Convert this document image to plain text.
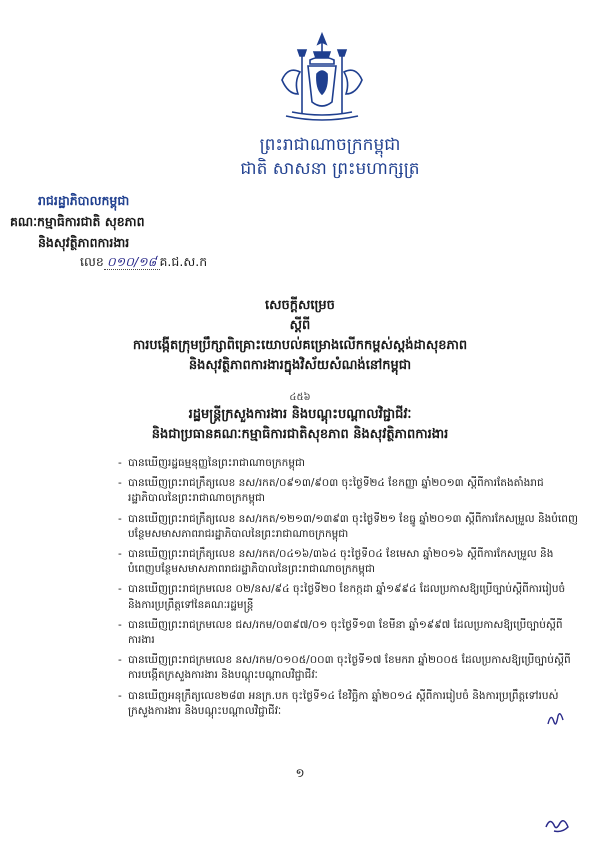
ព្រះរាជាណាចក្រកម្ពុជា
ជាតិ សាសនា ព្រះមហាក្សត្រ
រាជរដ្ឋាភិបាលកម្ពុជា
គណៈកម្មាធិការជាតិ សុខភាព
និងសុវត្ថិភាពការងារ
លេខ ០១០/១៨ គ.ជ.ស.ក
សេចក្តីសម្រេច
ស្តីពី
ការបង្កើតក្រុមប្រឹក្សាពិគ្រោះយោបល់គម្រោងលើកកម្ពស់ស្តង់ដាសុខភាព
និងសុវត្ថិភាពការងារក្នុងវិស័យសំណង់នៅកម្ពុជា
៤៥៦
រដ្ឋមន្ត្រីក្រសួងការងារ និងបណ្តុះបណ្តាលវិជ្ជាជីវៈ
និងជាប្រធានគណៈកម្មាធិការជាតិសុខភាព និងសុវត្ថិភាពការងារ
- បានឃើញរដ្ឋធម្មនុញ្ញនៃព្រះរាជាណាចក្រកម្ពុជា
- បានឃើញព្រះរាជក្រឹត្យលេខ នស/រកត/០៩១៣/៩០៣ ចុះថ្ងៃទី២៤ ខែកញ្ញា ឆ្នាំ២០១៣ ស្តីពីការតែងតាំងរាជរដ្ឋាភិបាលនៃព្រះរាជាណាចក្រកម្ពុជា
- បានឃើញព្រះរាជក្រឹត្យលេខ នស/រកត/១២១៣/១៣៩៣ ចុះថ្ងៃទី២១ ខែធ្នូ ឆ្នាំ២០១៣ ស្តីពីការកែសម្រួល និងបំពេញបន្ថែមសមាសភាពរាជរដ្ឋាភិបាលនៃព្រះរាជាណាចក្រកម្ពុជា
- បានឃើញព្រះរាជក្រឹត្យលេខ នស/រកត/០៤១៦/៣៦៤ ចុះថ្ងៃទី០៤ ខែមេសា ឆ្នាំ២០១៦ ស្តីពីការកែសម្រួល និងបំពេញបន្ថែមសមាសភាពរាជរដ្ឋាភិបាលនៃព្រះរាជាណាចក្រកម្ពុជា
- បានឃើញព្រះរាជក្រមលេខ ០២/នស/៩៤ ចុះថ្ងៃទី២០ ខែកក្កដា ឆ្នាំ១៩៩៤ ដែលប្រកាសឱ្យប្រើច្បាប់ស្តីពីការរៀបចំ និងការប្រព្រឹត្តទៅនៃគណៈរដ្ឋមន្ត្រី
- បានឃើញព្រះរាជក្រមលេខ ជស/រកម/០៣៩៧/០១ ចុះថ្ងៃទី១៣ ខែមីនា ឆ្នាំ១៩៩៧ ដែលប្រកាសឱ្យប្រើច្បាប់ស្តីពីការងារ
- បានឃើញព្រះរាជក្រមលេខ នស/រកម/០១០៥/០០៣ ចុះថ្ងៃទី១៧ ខែមករា ឆ្នាំ២០០៥ ដែលប្រកាសឱ្យប្រើច្បាប់ស្តីពីការបង្កើតក្រសួងការងារ និងបណ្តុះបណ្តាលវិជ្ជាជីវៈ
- បានឃើញអនុក្រឹត្យលេខ២៨៣ អនក្រ.បក ចុះថ្ងៃទី១៤ ខែវិច្ឆិកា ឆ្នាំ២០១៤ ស្តីពីការរៀបចំ និងការប្រព្រឹត្តទៅរបស់ក្រសួងការងារ និងបណ្តុះបណ្តាលវិជ្ជាជីវៈ
១
